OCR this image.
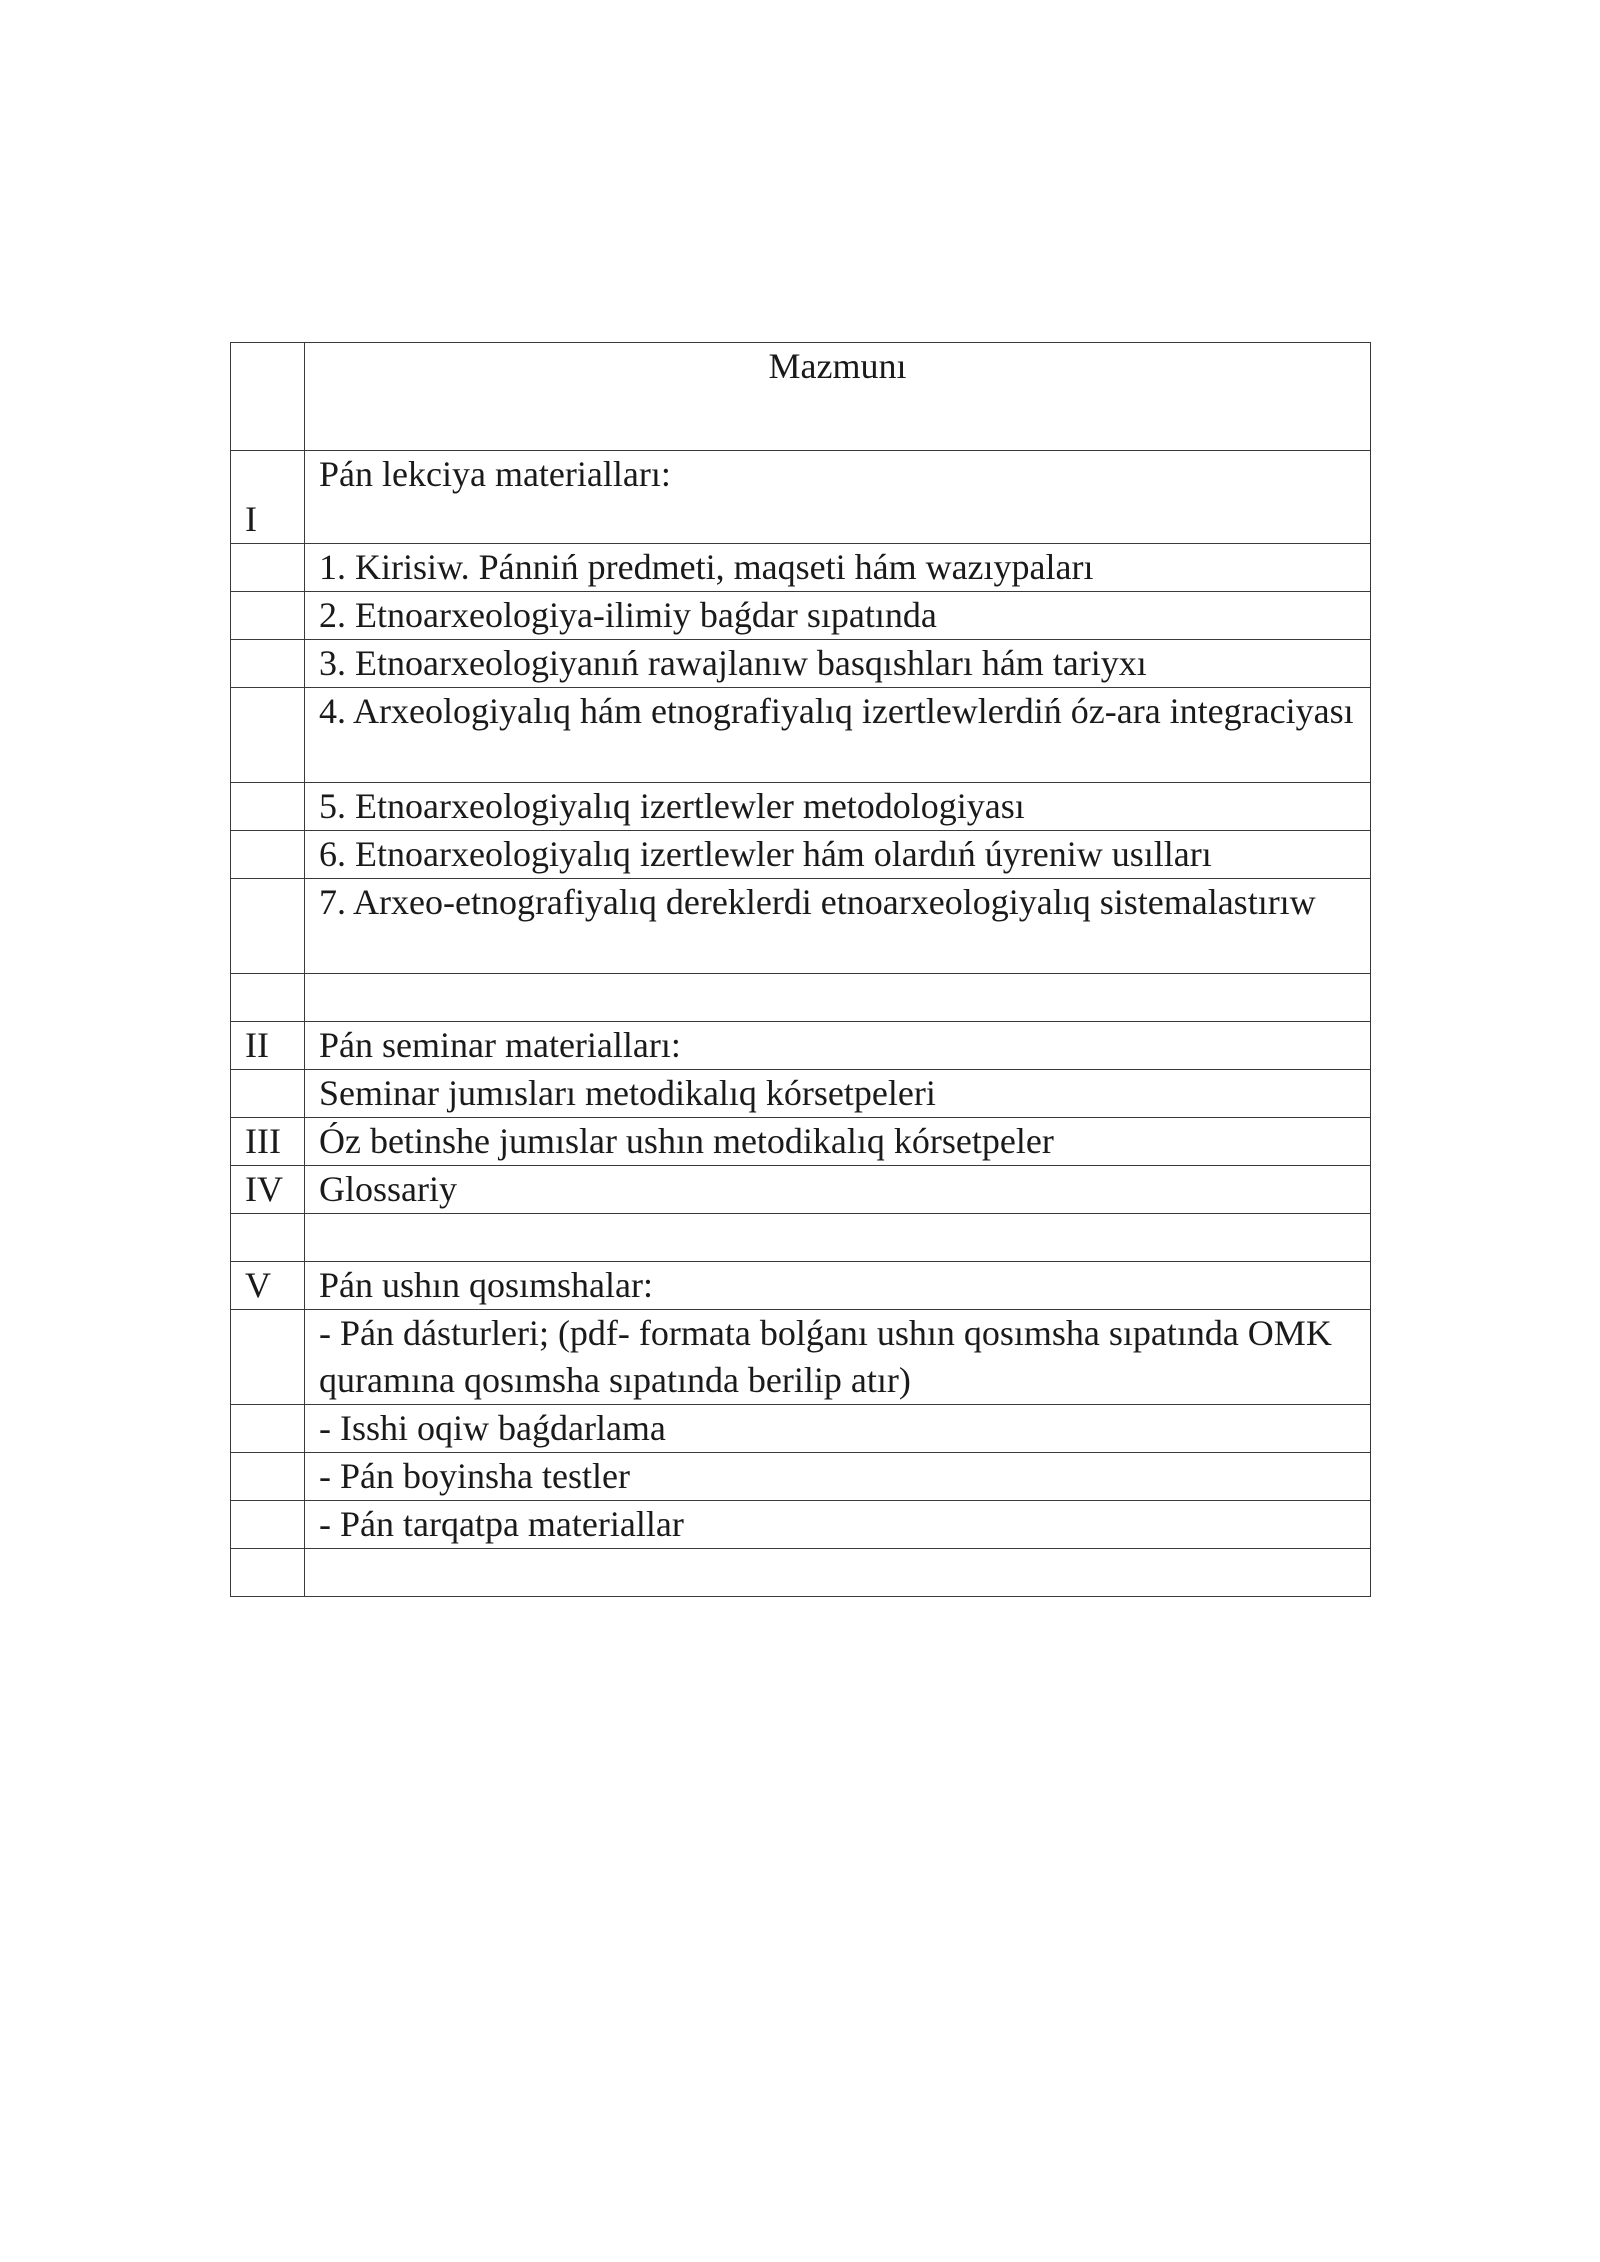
	Mazmunı
I	Pán lekciya materialları:
	1. Kirisiw. Pánniń predmeti, maqseti hám wazıypaları
	2. Etnoarxeologiya-ilimiy baǵdar sıpatında
	3. Etnoarxeologiyanıń rawajlanıw basqıshları hám tariyxı
	4. Arxeologiyalıq hám etnografiyalıq izertlewlerdiń óz-ara integraciyası
	5. Etnoarxeologiyalıq izertlewler metodologiyası
	6. Etnoarxeologiyalıq izertlewler hám olardıń úyreniw usılları
	7. Arxeo-etnografiyalıq dereklerdi etnoarxeologiyalıq sistemalastırıw

II	Pán seminar materialları:
	Seminar jumısları metodikalıq kórsetpeleri
III	Óz betinshe jumıslar ushın metodikalıq kórsetpeler
IV	Glossariy

V	Pán ushın qosımshalar:
	- Pán dásturleri; (pdf- formata bolǵanı ushın qosımsha sıpatında OMK quramına qosımsha sıpatında berilip atır)
	- Isshi oqiw baǵdarlama
	- Pán boyinsha testler
	- Pán tarqatpa materiallar
